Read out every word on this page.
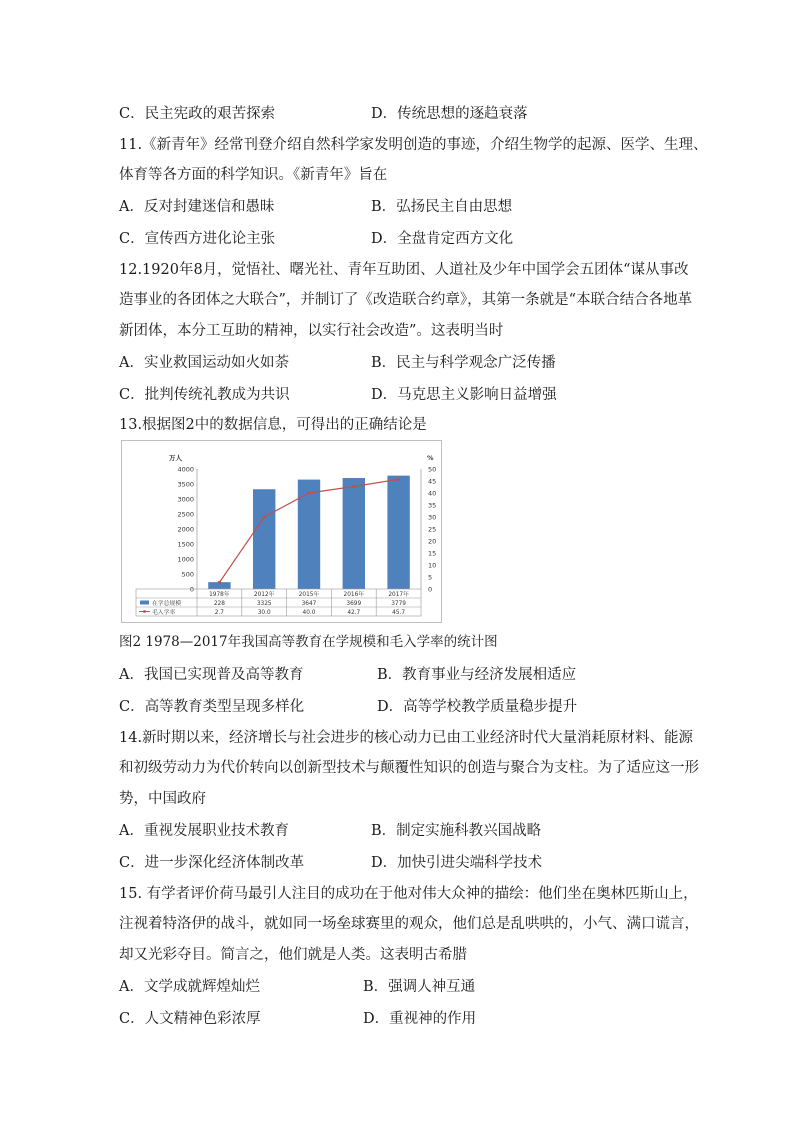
C．民主宪政的艰苦探索	D．传统思想的逐趋衰落
11.《新青年》经常刊登介绍自然科学家发明创造的事迹，介绍生物学的起源、医学、生理、
体育等各方面的科学知识。《新青年》旨在
A．反对封建迷信和愚昧	B．弘扬民主自由思想
C．宣传西方进化论主张	D．全盘肯定西方文化
12.1920年8月，觉悟社、曙光社、青年互助团、人道社及少年中国学会五团体“谋从事改
造事业的各团体之大联合”，并制订了《改造联合约章》，其第一条就是“本联合结合各地革
新团体，本分工互助的精神，以实行社会改造”。这表明当时
A．实业救国运动如火如荼	B．民主与科学观念广泛传播
C．批判传统礼教成为共识	D．马克思主义影响日益增强
13.根据图2中的数据信息，可得出的正确结论是
万人	%
0
500
1000
1500
2000
2500
3000
3500
4000
0
5
10
15
20
25
30
35
40
45
50
1978年	2012年	2015年	2016年	2017年
在学总规模	228	3325	3647	3699	3779
毛入学率	2.7	30.0	40.0	42.7	45.7
图2 1978—2017年我国高等教育在学规模和毛入学率的统计图
A．我国已实现普及高等教育	B．教育事业与经济发展相适应
C．高等教育类型呈现多样化	D．高等学校教学质量稳步提升
14.新时期以来，经济增长与社会进步的核心动力已由工业经济时代大量消耗原材料、能源
和初级劳动力为代价转向以创新型技术与颠覆性知识的创造与聚合为支柱。为了适应这一形
势，中国政府
A．重视发展职业技术教育	B．制定实施科教兴国战略
C．进一步深化经济体制改革	D．加快引进尖端科学技术
15. 有学者评价荷马最引人注目的成功在于他对伟大众神的描绘：他们坐在奥林匹斯山上，
注视着特洛伊的战斗，就如同一场垒球赛里的观众，他们总是乱哄哄的，小气、满口谎言，
却又光彩夺目。简言之，他们就是人类。这表明古希腊
A．文学成就辉煌灿烂	B．强调人神互通
C．人文精神色彩浓厚	D．重视神的作用
